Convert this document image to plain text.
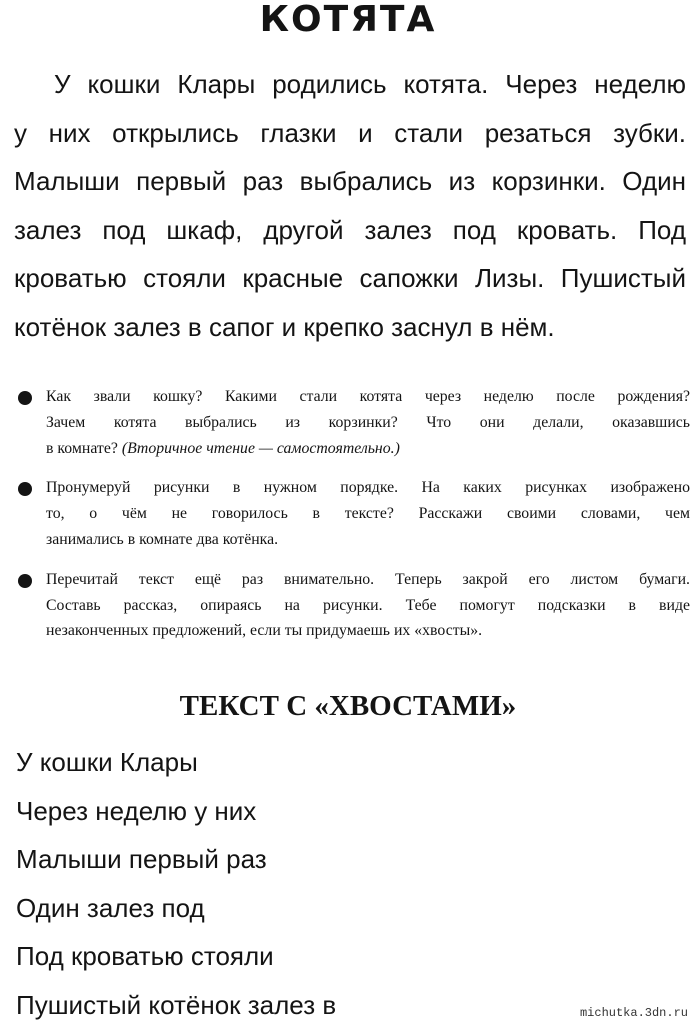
КОТЯТА
У кошки Клары родились котята. Через неделю
у них открылись глазки и стали резаться зубки.
Малыши первый раз выбрались из корзинки. Один
залез под шкаф, другой залез под кровать. Под
кроватью стояли красные сапожки Лизы. Пушистый
котёнок залез в сапог и крепко заснул в нём.
Как звали кошку? Какими стали котята через неделю после рождения?
Зачем котята выбрались из корзинки? Что они делали, оказавшись
в комнате? (Вторичное чтение — самостоятельно.)
Пронумеруй рисунки в нужном порядке. На каких рисунках изображено
то, о чём не говорилось в тексте? Расскажи своими словами, чем
занимались в комнате два котёнка.
Перечитай текст ещё раз внимательно. Теперь закрой его листом бумаги.
Составь рассказ, опираясь на рисунки. Тебе помогут подсказки в виде
незаконченных предложений, если ты придумаешь их «хвосты».
ТЕКСТ С «ХВОСТАМИ»
У кошки Клары
Через неделю у них
Малыши первый раз
Один залез под
Под кроватью стояли
Пушистый котёнок залез в	michutka.3dn.ru
